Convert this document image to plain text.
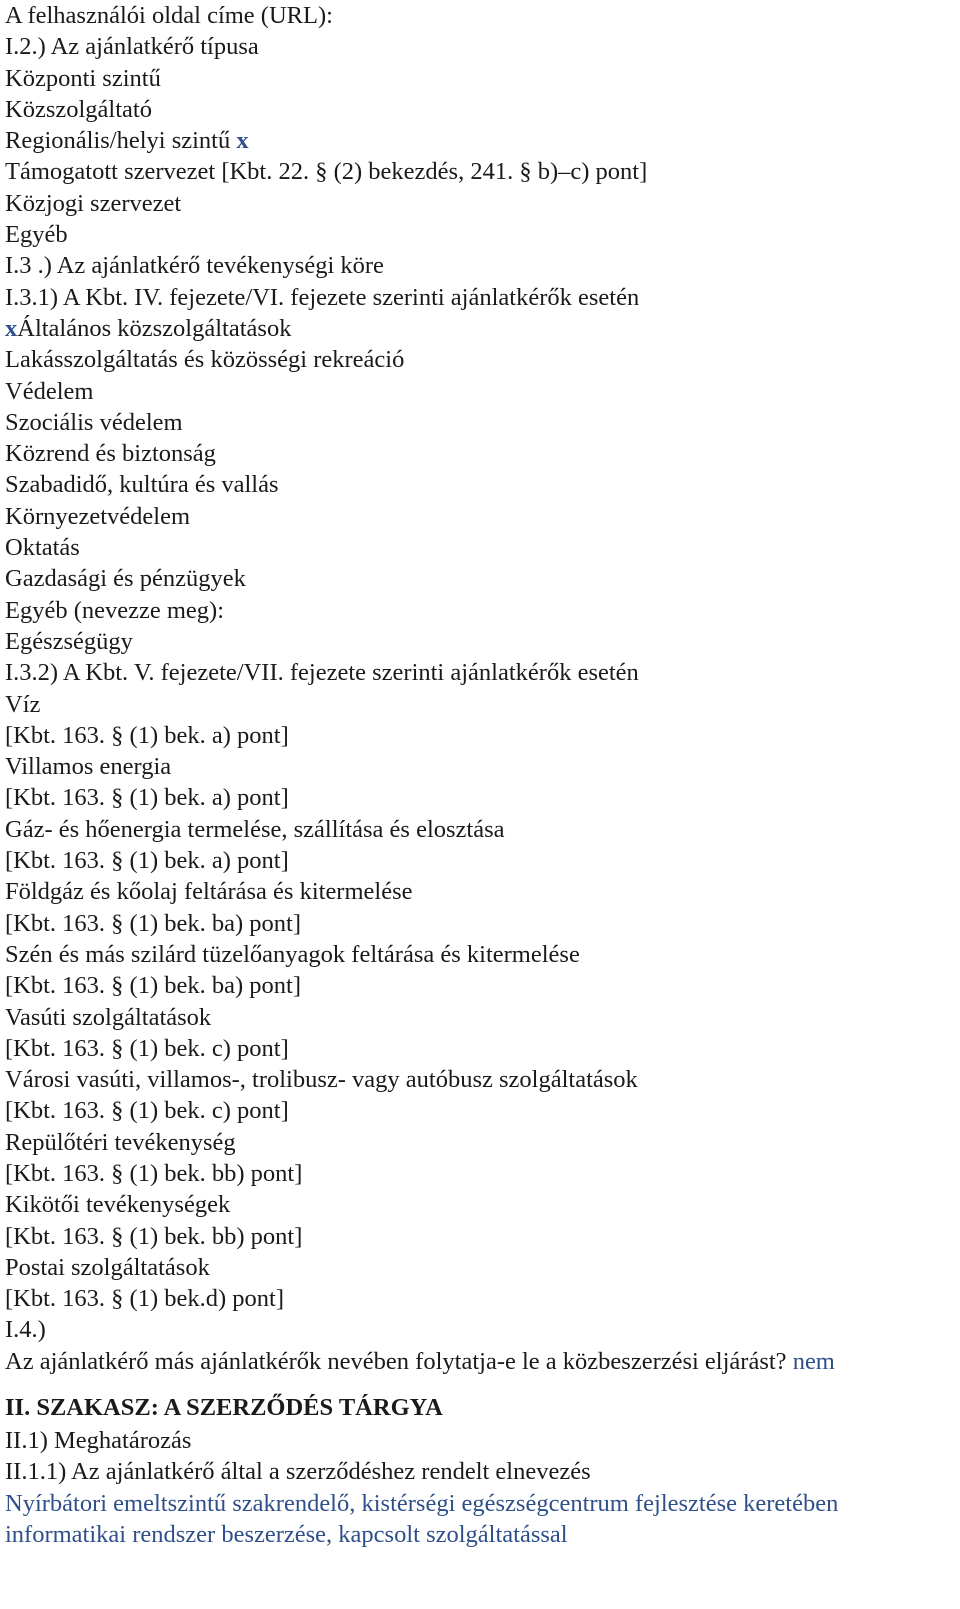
A felhasználói oldal címe (URL):
I.2.) Az ajánlatkérő típusa
Központi szintű
Közszolgáltató
Regionális/helyi szintű x
Támogatott szervezet [Kbt. 22. § (2) bekezdés, 241. § b)–c) pont]
Közjogi szervezet
Egyéb
I.3 .) Az ajánlatkérő tevékenységi köre
I.3.1) A Kbt. IV. fejezete/VI. fejezete szerinti ajánlatkérők esetén
xÁltalános közszolgáltatások
Lakásszolgáltatás és közösségi rekreáció
Védelem
Szociális védelem
Közrend és biztonság
Szabadidő, kultúra és vallás
Környezetvédelem
Oktatás
Gazdasági és pénzügyek
Egyéb (nevezze meg):
Egészségügy
I.3.2) A Kbt. V. fejezete/VII. fejezete szerinti ajánlatkérők esetén
Víz
[Kbt. 163. § (1) bek. a) pont]
Villamos energia
[Kbt. 163. § (1) bek. a) pont]
Gáz- és hőenergia termelése, szállítása és elosztása
[Kbt. 163. § (1) bek. a) pont]
Földgáz és kőolaj feltárása és kitermelése
[Kbt. 163. § (1) bek. ba) pont]
Szén és más szilárd tüzelőanyagok feltárása és kitermelése
[Kbt. 163. § (1) bek. ba) pont]
Vasúti szolgáltatások
[Kbt. 163. § (1) bek. c) pont]
Városi vasúti, villamos-, trolibusz- vagy autóbusz szolgáltatások
[Kbt. 163. § (1) bek. c) pont]
Repülőtéri tevékenység
[Kbt. 163. § (1) bek. bb) pont]
Kikötői tevékenységek
[Kbt. 163. § (1) bek. bb) pont]
Postai szolgáltatások
[Kbt. 163. § (1) bek.d) pont]
I.4.)
Az ajánlatkérő más ajánlatkérők nevében folytatja-e le a közbeszerzési eljárást? nem
II. SZAKASZ: A SZERZŐDÉS TÁRGYA
II.1) Meghatározás
II.1.1) Az ajánlatkérő által a szerződéshez rendelt elnevezés
Nyírbátori emeltszintű szakrendelő, kistérségi egészségcentrum fejlesztése keretében informatikai rendszer beszerzése, kapcsolt szolgáltatással
